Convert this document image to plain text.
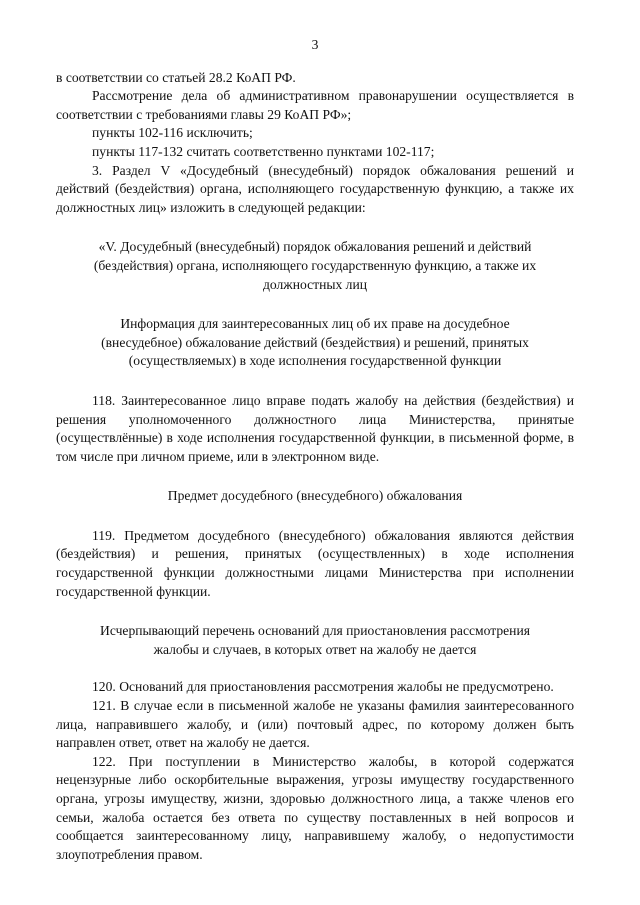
3

в соответствии со статьей 28.2 КоАП РФ.

Рассмотрение дела об административном правонарушении осуществляется в соответствии с требованиями главы 29 КоАП РФ»;

пункты 102-116 исключить;

пункты 117-132 считать соответственно пунктами 102-117;

3. Раздел V «Досудебный (внесудебный) порядок обжалования решений и действий (бездействия) органа, исполняющего государственную функцию, а также их должностных лиц» изложить в следующей редакции:

«V. Досудебный (внесудебный) порядок обжалования решений и действий
(бездействия) органа, исполняющего государственную функцию, а также их
должностных лиц
Информация для заинтересованных лиц об их праве на досудебное
(внесудебное) обжалование действий (бездействия) и решений, принятых
(осуществляемых) в ходе исполнения государственной функции

118. Заинтересованное лицо вправе подать жалобу на действия (бездействия) и решения уполномоченного должностного лица Министерства, принятые (осуществлённые) в ходе исполнения государственной функции, в письменной форме, в том числе при личном приеме, или в электронном виде.

Предмет досудебного (внесудебного) обжалования

119. Предметом досудебного (внесудебного) обжалования являются действия (бездействия) и решения, принятых (осуществленных) в ходе исполнения государственной функции должностными лицами Министерства при исполнении государственной функции.

Исчерпывающий перечень оснований для приостановления рассмотрения
жалобы и случаев, в которых ответ на жалобу не дается

120. Оснований для приостановления рассмотрения жалобы не предусмотрено.

121. В случае если в письменной жалобе не указаны фамилия заинтересованного лица, направившего жалобу, и (или) почтовый адрес, по которому должен быть направлен ответ, ответ на жалобу не дается.

122. При поступлении в Министерство жалобы, в которой содержатся нецензурные либо оскорбительные выражения, угрозы имуществу государственного органа, угрозы имуществу, жизни, здоровью должностного лица, а также членов его семьи, жалоба остается без ответа по существу поставленных в ней вопросов и сообщается заинтересованному лицу, направившему жалобу, о недопустимости злоупотребления правом.
